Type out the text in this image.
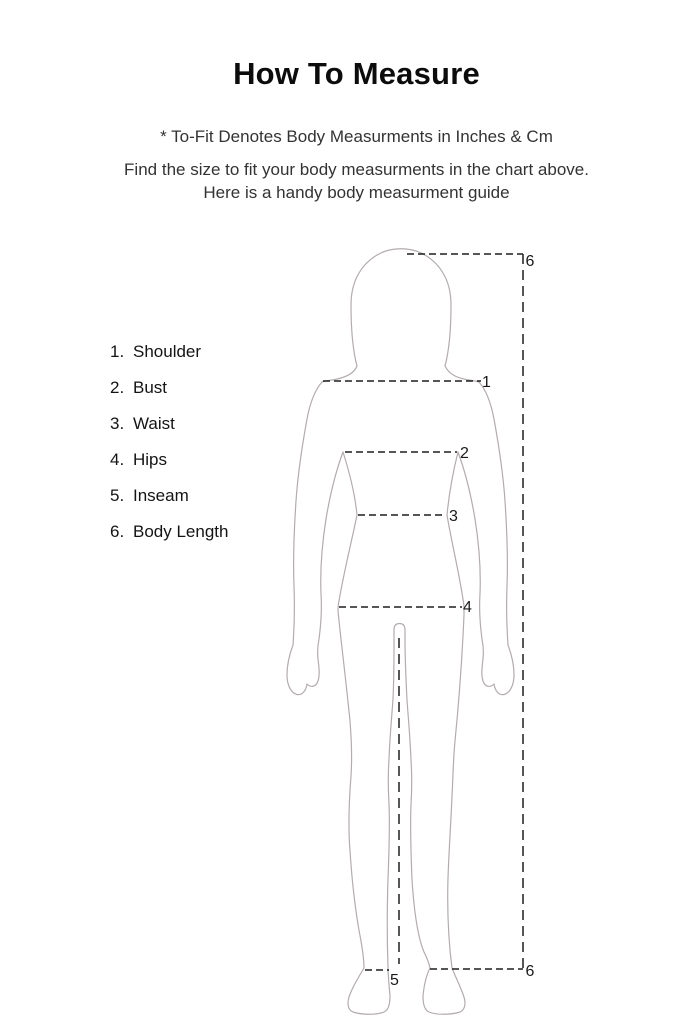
How To Measure

* To-Fit Denotes Body Measurments in Inches & Cm

Find the size to fit your body measurments in the chart above.
Here is a handy body measurment guide

1. Shoulder
2. Bust
3. Waist
4. Hips
5. Inseam
6. Body Length
1
2
3
4
5
6
6
